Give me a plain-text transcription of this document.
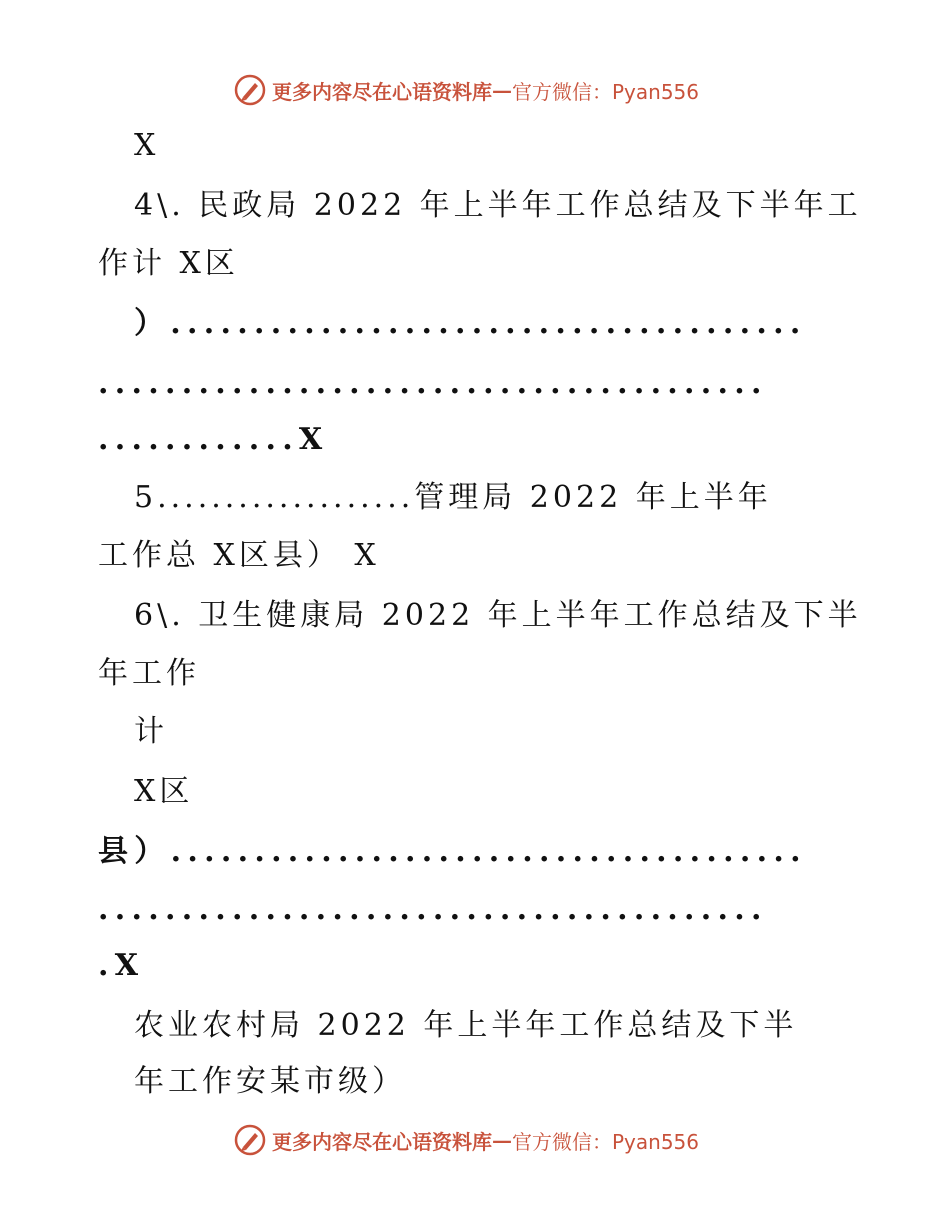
更多内容尽在心语资料库 — 官方微信：Pyan556
X
4\. 民政局 2022 年上半年工作总结及下半年工
作计 X区
）......................................
........................................
............X
5...................管理局 2022 年上半年
工作总 X区县） X
6\. 卫生健康局 2022 年上半年工作总结及下半
年工作
计
X区
县）......................................
........................................
.X
农业农村局 2022 年上半年工作总结及下半
年工作安某市级）
更多内容尽在心语资料库 — 官方微信：Pyan556
